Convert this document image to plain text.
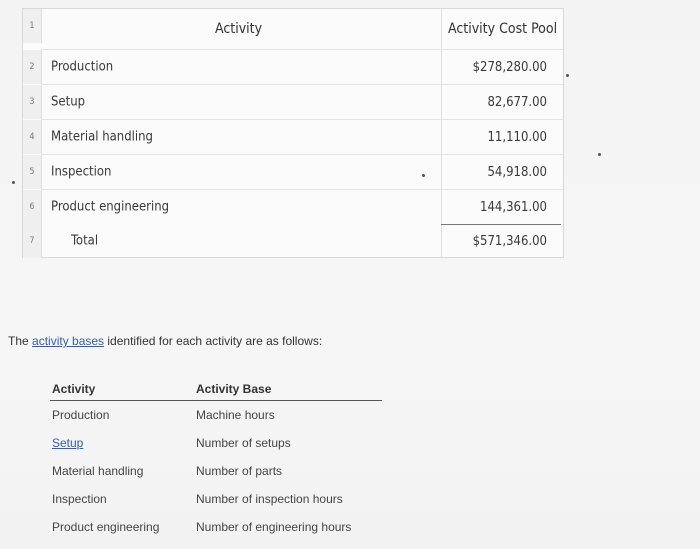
1	Activity	Activity Cost Pool
2	Production	$278,280.00
3	Setup	82,677.00
4	Material handling	11,110.00
5	Inspection	54,918.00
6	Product engineering	144,361.00
7	Total	$571,346.00
The activity bases identified for each activity are as follows:
Activity	Activity Base
Production	Machine hours
Setup	Number of setups
Material handling	Number of parts
Inspection	Number of inspection hours
Product engineering	Number of engineering hours
